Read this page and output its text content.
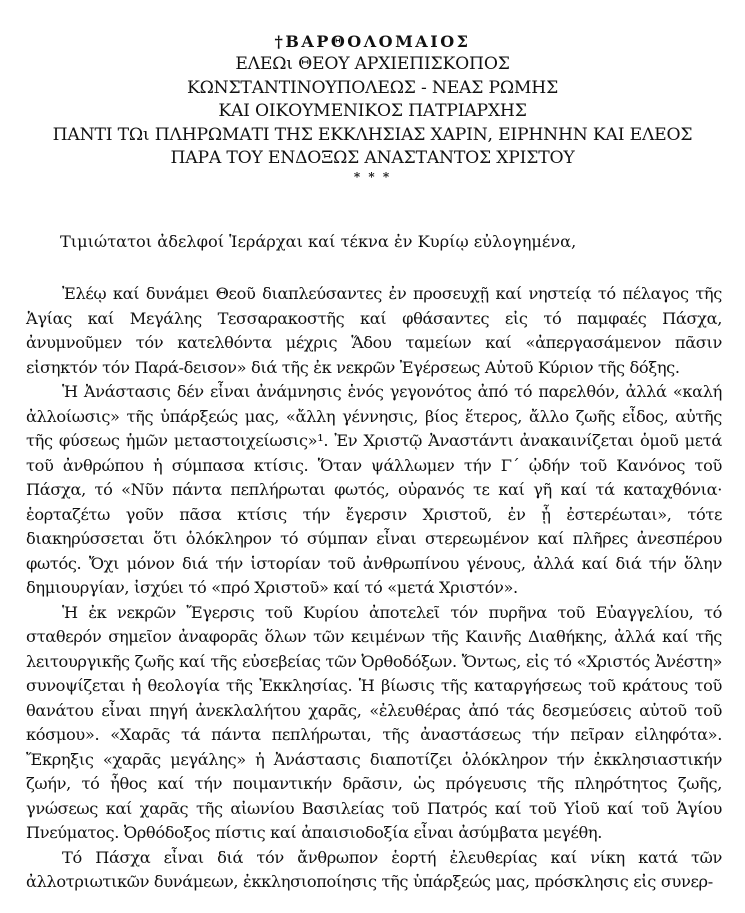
†ΒΑΡΘΟΛΟΜΑΙΟΣ
ΕΛΕΩι ΘΕΟΥ ΑΡΧΙΕΠΙΣΚΟΠΟΣ
ΚΩΝΣΤΑΝΤΙΝΟΥΠΟΛΕΩΣ - ΝΕΑΣ ΡΩΜΗΣ
ΚΑΙ ΟΙΚΟΥΜΕΝΙΚΟΣ ΠΑΤΡΙΑΡΧΗΣ
ΠΑΝΤΙ ΤΩι ΠΛΗΡΩΜΑΤΙ ΤΗΣ ΕΚΚΛΗΣΙΑΣ ΧΑΡΙΝ, ΕΙΡΗΝΗΝ ΚΑΙ ΕΛΕΟΣ
ΠΑΡΑ ΤΟΥ ΕΝΔΟΞΩΣ ΑΝΑΣΤΑΝΤΟΣ ΧΡΙΣΤΟΥ
* * *
Τιμιώτατοι ἀδελφοί Ἱεράρχαι καί τέκνα ἐν Κυρίῳ εὐλογημένα,

Ἐλέῳ καί δυνάμει Θεοῦ διαπλεύσαντες ἐν προσευχῇ καί νηστείᾳ τό πέλαγος τῆς Ἁγίας καί Μεγάλης Τεσσαρακοστῆς καί φθάσαντες εἰς τό παμφαές Πάσχα, ἀνυμνοῦμεν τόν κατελθόντα μέχρις Ἅδου ταμείων καί «ἀπεργασάμενον πᾶσιν εἰσηκτόν τόν Παρά-δεισον» διά τῆς ἐκ νεκρῶν Ἐγέρσεως Αὐτοῦ Κύριον τῆς δόξης.

Ἡ Ἀνάστασις δέν εἶναι ἀνάμνησις ἑνός γεγονότος ἀπό τό παρελθόν, ἀλλά «καλή ἀλλοίωσις» τῆς ὑπάρξεώς μας, «ἄλλη γέννησις, βίος ἕτερος, ἄλλο ζωῆς εἶδος, αὐτῆς τῆς φύσεως ἡμῶν μεταστοιχείωσις»¹. Ἐν Χριστῷ Ἀναστάντι ἀνακαινίζεται ὁμοῦ μετά τοῦ ἀνθρώπου ἡ σύμπασα κτίσις. Ὅταν ψάλλωμεν τήν Γ´ ᾠδήν τοῦ Κανόνος τοῦ Πάσχα, τό «Νῦν πάντα πεπλήρωται φωτός, οὐρανός τε καί γῆ καί τά καταχθόνια· ἑορταζέτω γοῦν πᾶσα κτίσις τήν ἔγερσιν Χριστοῦ, ἐν ᾗ ἐστερέωται», τότε διακηρύσσεται ὅτι ὁλόκληρον τό σύμπαν εἶναι στερεωμένον καί πλῆρες ἀνεσπέρου φωτός. Ὄχι μόνον διά τήν ἱστορίαν τοῦ ἀνθρωπίνου γένους, ἀλλά καί διά τήν ὅλην δημιουργίαν, ἰσχύει τό «πρό Χριστοῦ» καί τό «μετά Χριστόν».

Ἡ ἐκ νεκρῶν Ἔγερσις τοῦ Κυρίου ἀποτελεῖ τόν πυρῆνα τοῦ Εὐαγγελίου, τό σταθερόν σημεῖον ἀναφορᾶς ὅλων τῶν κειμένων τῆς Καινῆς Διαθήκης, ἀλλά καί τῆς λειτουργικῆς ζωῆς καί τῆς εὐσεβείας τῶν Ὀρθοδόξων. Ὄντως, εἰς τό «Χριστός Ἀνέστη» συνοψίζεται ἡ θεολογία τῆς Ἐκκλησίας. Ἡ βίωσις τῆς καταργήσεως τοῦ κράτους τοῦ θανάτου εἶναι πηγή ἀνεκλαλήτου χαρᾶς, «ἐλευθέρας ἀπό τάς δεσμεύσεις αὐτοῦ τοῦ κόσμου». «Χαρᾶς τά πάντα πεπλήρωται, τῆς ἀναστάσεως τήν πεῖραν εἰληφότα». Ἔκρηξις «χαρᾶς μεγάλης» ἡ Ἀνάστασις διαποτίζει ὁλόκληρον τήν ἐκκλησιαστικήν ζωήν, τό ἦθος καί τήν ποιμαντικήν δρᾶσιν, ὡς πρόγευσις τῆς πληρότητος ζωῆς, γνώσεως καί χαρᾶς τῆς αἰωνίου Βασιλείας τοῦ Πατρός καί τοῦ Υἱοῦ καί τοῦ Ἁγίου Πνεύματος. Ὀρθόδοξος πίστις καί ἀπαισιοδοξία εἶναι ἀσύμβατα μεγέθη.

Τό Πάσχα εἶναι διά τόν ἄνθρωπον ἑορτή ἐλευθερίας καί νίκη κατά τῶν ἀλλοτριωτικῶν δυνάμεων, ἐκκλησιοποίησις τῆς ὑπάρξεώς μας, πρόσκλησις εἰς συνερ-
